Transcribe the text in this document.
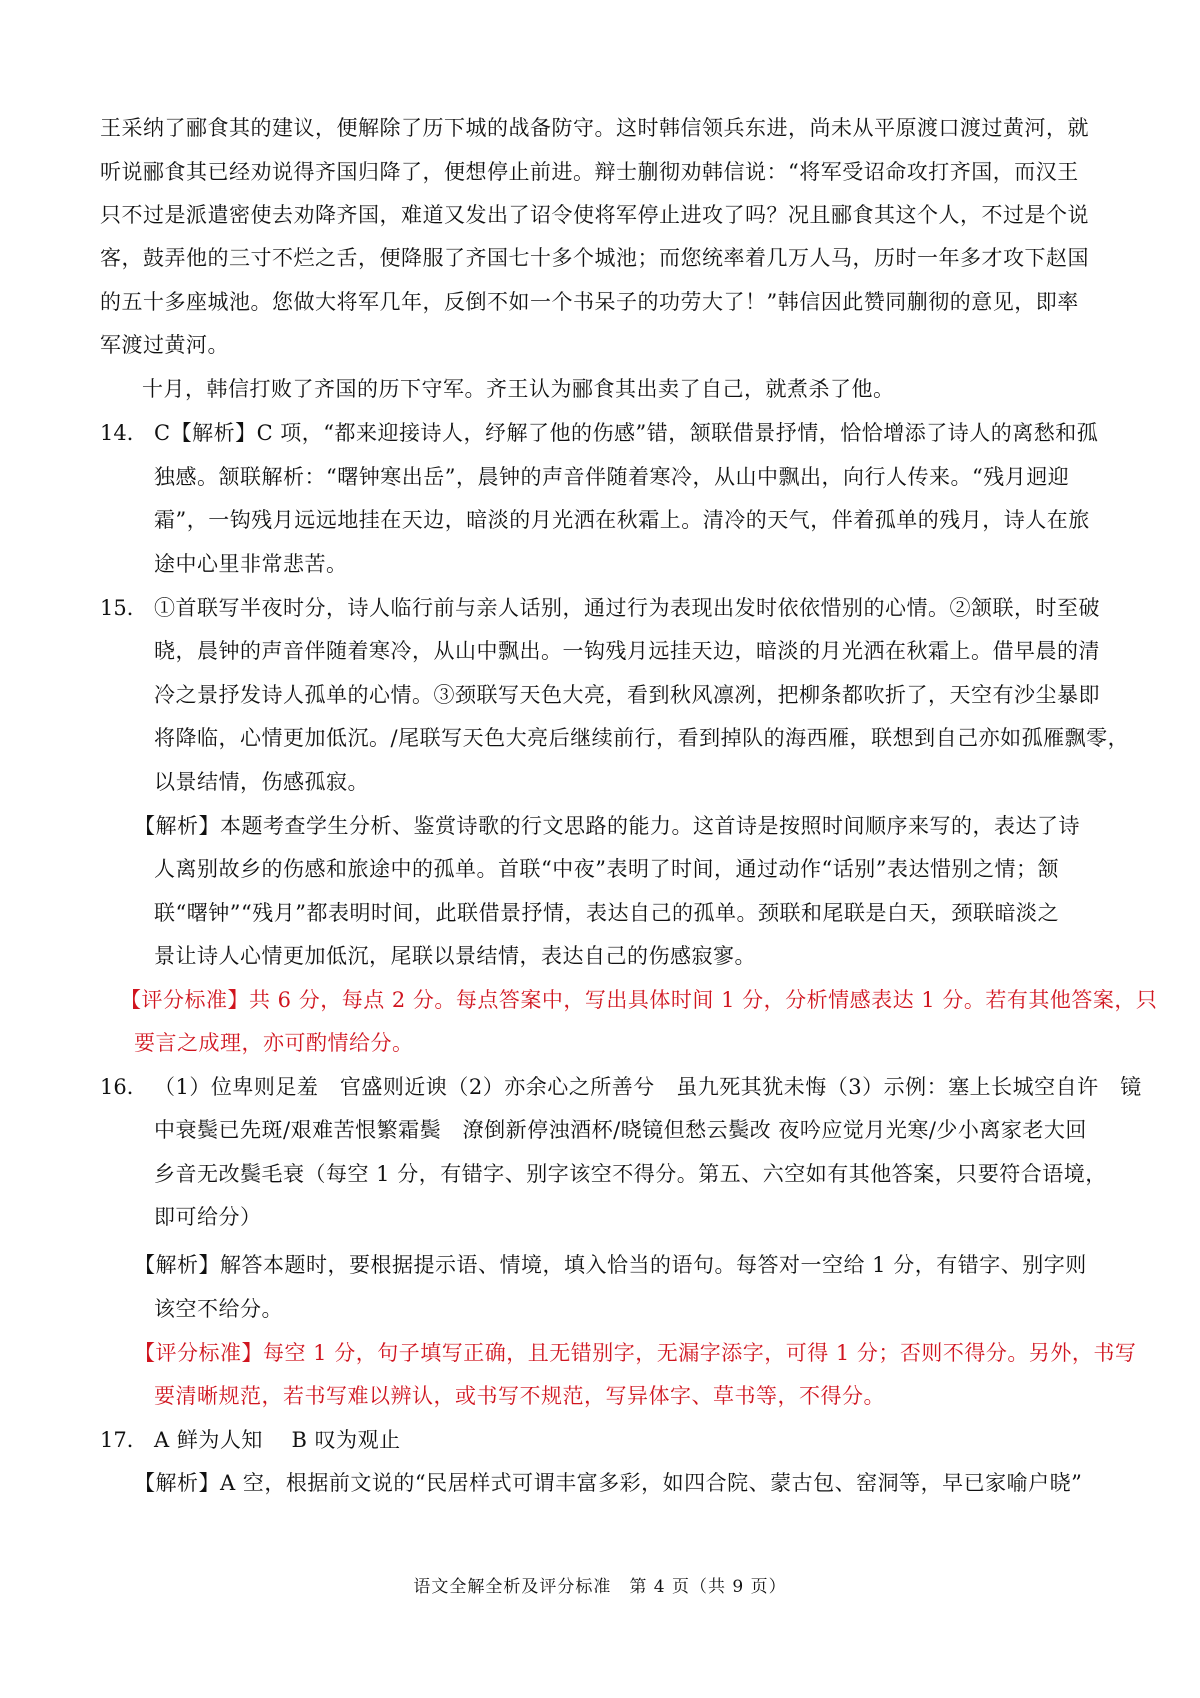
王采纳了郦食其的建议，便解除了历下城的战备防守。这时韩信领兵东进，尚未从平原渡口渡过黄河，就
听说郦食其已经劝说得齐国归降了，便想停止前进。辩士蒯彻劝韩信说：“将军受诏命攻打齐国，而汉王
只不过是派遣密使去劝降齐国，难道又发出了诏令使将军停止进攻了吗？况且郦食其这个人，不过是个说
客，鼓弄他的三寸不烂之舌，便降服了齐国七十多个城池；而您统率着几万人马，历时一年多才攻下赵国
的五十多座城池。您做大将军几年，反倒不如一个书呆子的功劳大了！”韩信因此赞同蒯彻的意见，即率
军渡过黄河。
十月，韩信打败了齐国的历下守军。齐王认为郦食其出卖了自己，就煮杀了他。
14． C【解析】C 项，“都来迎接诗人，纾解了他的伤感”错，颔联借景抒情，恰恰增添了诗人的离愁和孤
独感。颔联解析：“曙钟寒出岳”，晨钟的声音伴随着寒冷，从山中飘出，向行人传来。“残月迥迎
霜”，一钩残月远远地挂在天边，暗淡的月光洒在秋霜上。清冷的天气，伴着孤单的残月，诗人在旅
途中心里非常悲苦。
15． ①首联写半夜时分，诗人临行前与亲人话别，通过行为表现出发时依依惜别的心情。②颔联，时至破
晓，晨钟的声音伴随着寒冷，从山中飘出。一钩残月远挂天边，暗淡的月光洒在秋霜上。借早晨的清
冷之景抒发诗人孤单的心情。③颈联写天色大亮，看到秋风凛冽，把柳条都吹折了，天空有沙尘暴即
将降临，心情更加低沉。/尾联写天色大亮后继续前行，看到掉队的海西雁，联想到自己亦如孤雁飘零，
以景结情，伤感孤寂。
【解析】本题考查学生分析、鉴赏诗歌的行文思路的能力。这首诗是按照时间顺序来写的，表达了诗
人离别故乡的伤感和旅途中的孤单。首联“中夜”表明了时间，通过动作“话别”表达惜别之情；颔
联“曙钟”“残月”都表明时间，此联借景抒情，表达自己的孤单。颈联和尾联是白天，颈联暗淡之
景让诗人心情更加低沉，尾联以景结情，表达自己的伤感寂寥。
【评分标准】共 6 分，每点 2 分。每点答案中，写出具体时间 1 分，分析情感表达 1 分。若有其他答案，只
要言之成理，亦可酌情给分。
16． （1）位卑则足羞　官盛则近谀（2）亦余心之所善兮　虽九死其犹未悔（3）示例：塞上长城空自许　镜
中衰鬓已先斑/艰难苦恨繁霜鬓　潦倒新停浊酒杯/晓镜但愁云鬓改 夜吟应觉月光寒/少小离家老大回
乡音无改鬓毛衰（每空 1 分，有错字、别字该空不得分。第五、六空如有其他答案，只要符合语境，
即可给分）
【解析】解答本题时，要根据提示语、情境，填入恰当的语句。每答对一空给 1 分，有错字、别字则
该空不给分。
【评分标准】每空 1 分，句子填写正确，且无错别字，无漏字添字，可得 1 分；否则不得分。另外，书写
要清晰规范，若书写难以辨认，或书写不规范，写异体字、草书等，不得分。
17． A 鲜为人知　 B 叹为观止
【解析】A 空，根据前文说的“民居样式可谓丰富多彩，如四合院、蒙古包、窑洞等，早已家喻户晓”
语文全解全析及评分标准　第 4 页（共 9 页）
